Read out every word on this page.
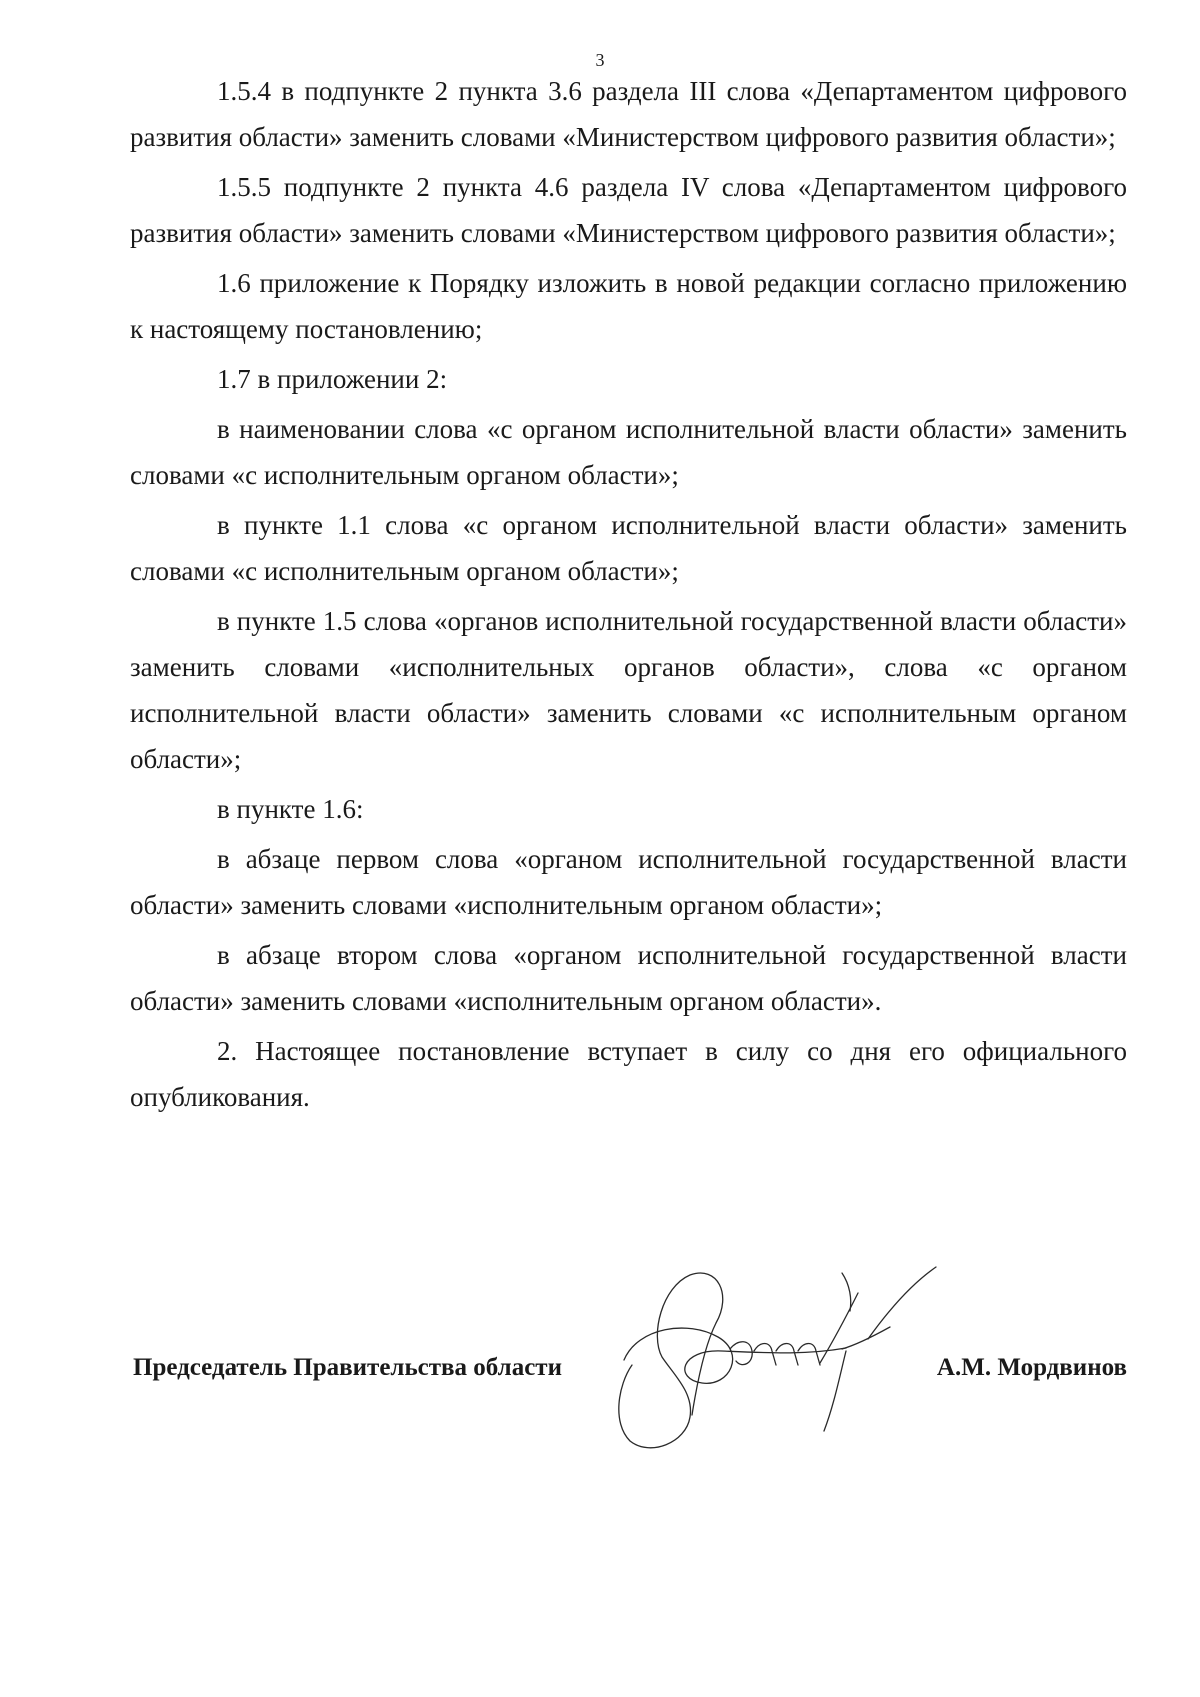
3

1.5.4 в подпункте 2 пункта 3.6 раздела III слова «Департаментом цифрового развития области» заменить словами «Министерством цифрового развития области»;

1.5.5 подпункте 2 пункта 4.6 раздела IV слова «Департаментом цифрового развития области» заменить словами «Министерством цифрового развития области»;

1.6 приложение к Порядку изложить в новой редакции согласно приложению к настоящему постановлению;

1.7 в приложении 2:

в наименовании слова «с органом исполнительной власти области» заменить словами «с исполнительным органом области»;

в пункте 1.1 слова «с органом исполнительной власти области» заменить словами «с исполнительным органом области»;

в пункте 1.5 слова «органов исполнительной государственной власти области» заменить словами «исполнительных органов области», слова «с органом исполнительной власти области» заменить словами «с исполнительным органом области»;

в пункте 1.6:

в абзаце первом слова «органом исполнительной государственной власти области» заменить словами «исполнительным органом области»;

в абзаце втором слова «органом исполнительной государственной власти области» заменить словами «исполнительным органом области».

2. Настоящее постановление вступает в силу со дня его официального опубликования.

Председатель Правительства области	А.М. Мордвинов
